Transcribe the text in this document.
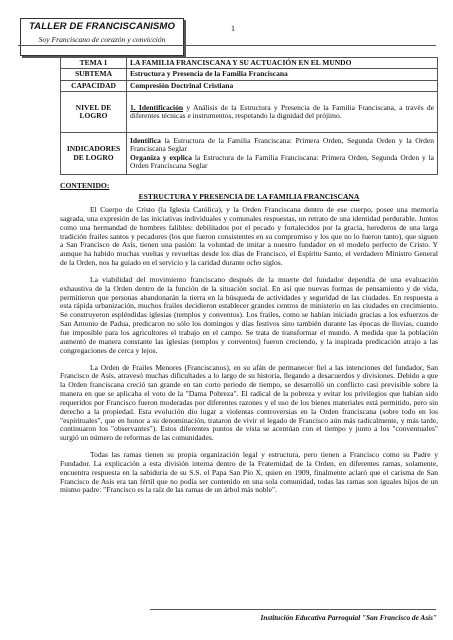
TALLER DE FRANCISCANISMO
Soy Franciscano de corazón y convicción
1
TEMA 1	LA FAMILIA FRANCISCANA Y SU ACTUACIÓN EN EL MUNDO
SUBTEMA	Estructura y Presencia de la Familia Franciscana
CAPACIDAD	Compresión Doctrinal Cristiana
NIVEL DE LOGRO	1. Identificación y Análisis de la Estructura y Presencia de la Familia Franciscana, a través de diferentes técnicas e instrumentos, respetando la dignidad del prójimo.
INDICADORES DE LOGRO	Identifica la Estructura de la Familia Franciscana: Primera Orden, Segunda Orden y la Orden Franciscana Seglar
Organiza y explica la Estructura de la Familia Franciscana: Primera Orden, Segunda Orden y la Orden Franciscana Seglar
CONTENIDO:
ESTRUCTURA Y PRESENCIA DE LA FAMILIA FRANCISCANA

El Cuerpo de Cristo (la Iglesia Católica), y la Orden Franciscana dentro de ese cuerpo, posee una memoria sagrada, una expresión de las iniciativas individuales y comunales respuestas, un retrato de una identidad perdurable. Juntos como una hermandad de hombres falibles: debilitados por el pecado y fortalecidos por la gracia, herederos de una larga tradición frailes santos y pecadores (los que fueron consistentes en su compromiso y los que no lo fueron tanto), que siguen a San Francisco de Asís, tienen una pasión: la voluntad de imitar a nuestro fundador en el modelo perfecto de Cristo. Y aunque ha habido muchas vueltas y revueltas desde los días de Francisco, el Espíritu Santo, el verdadero Ministro General de la Orden, nos ha guiado en el servicio y la caridad durante ocho siglos.

La viabilidad del movimiento franciscano después de la muerte del fundador dependía de una evaluación exhaustiva de la Orden dentro de la función de la situación social. En así que nuevas formas de pensamiento y de vida, permitieron que personas abandonarán la tierra en la búsqueda de actividades y seguridad de las ciudades. En respuesta a esta rápida urbanización, muchos frailes decidieron establecer grandes centros de ministerio en las ciudades en crecimiento. Se construyeron espléndidas iglesias (templos y conventos). Los frailes, como se habían iniciado gracias a los esfuerzos de San Antonio de Padua, predicaron no sólo los domingos y días festivos sino también durante las épocas de lluvias, cuando fue imposible para los agricultores el trabajo en el campo. Se trata de transformar el mundo. A medida que la población aumentó de manera constante las iglesias (templos y conventos) fueron creciendo, y la inspirada predicación atrajo a las congregaciones de cerca y lejos.

La Orden de Frailes Menores (Franciscanos), en su afán de permanecer fiel a las intenciones del fundador, San Francisco de Asís, atravesó muchas dificultades a lo largo de su historia, llegando a desacuerdos y divisiones. Debido a que la Orden franciscana creció tan grande en tan corto periodo de tiempo, se desarrolló un conflicto casi previsible sobre la manera en que se aplicaba el voto de la "Dama Pobreza". El radical de la pobreza y evitar los privilegios que habían sido requeridos por Francisco fueron moderadas por diferentes razones y el uso de los bienes materiales está permitido, pero sin derecho a la propiedad. Esta evolución dio lugar a violentas controversias en la Orden franciscana (sobre todo en los "espirituales", que en honor a su denominación, trataron de vivir el legado de Francisco aún más radicalmente, y más tarde, continuaron los "observantes"). Estos diferentes puntos de vista se acentúan con el tiempo y junto a los "conventuales" surgió un número de reformas de las comunidades.

Todas las ramas tienen su propia organización legal y estructura, pero tienen a Francisco como su Padre y Fundador. La explicación a esta división interna dentro de la Fraternidad de la Orden, en diferentes ramas, solamente, encuentra respuesta en la sabiduría de su S.S. el Papa San Pío X, quien en 1909, finalmente aclaró que el carisma de San Francisco de Asís era tan fértil que no podía ser contenido en una sola comunidad, todas las ramas son iguales hijos de un mismo padre: "Francisco es la raíz de las ramas de un árbol más noble".

Institución Educativa Parroquial "San Francisco de Asís"
